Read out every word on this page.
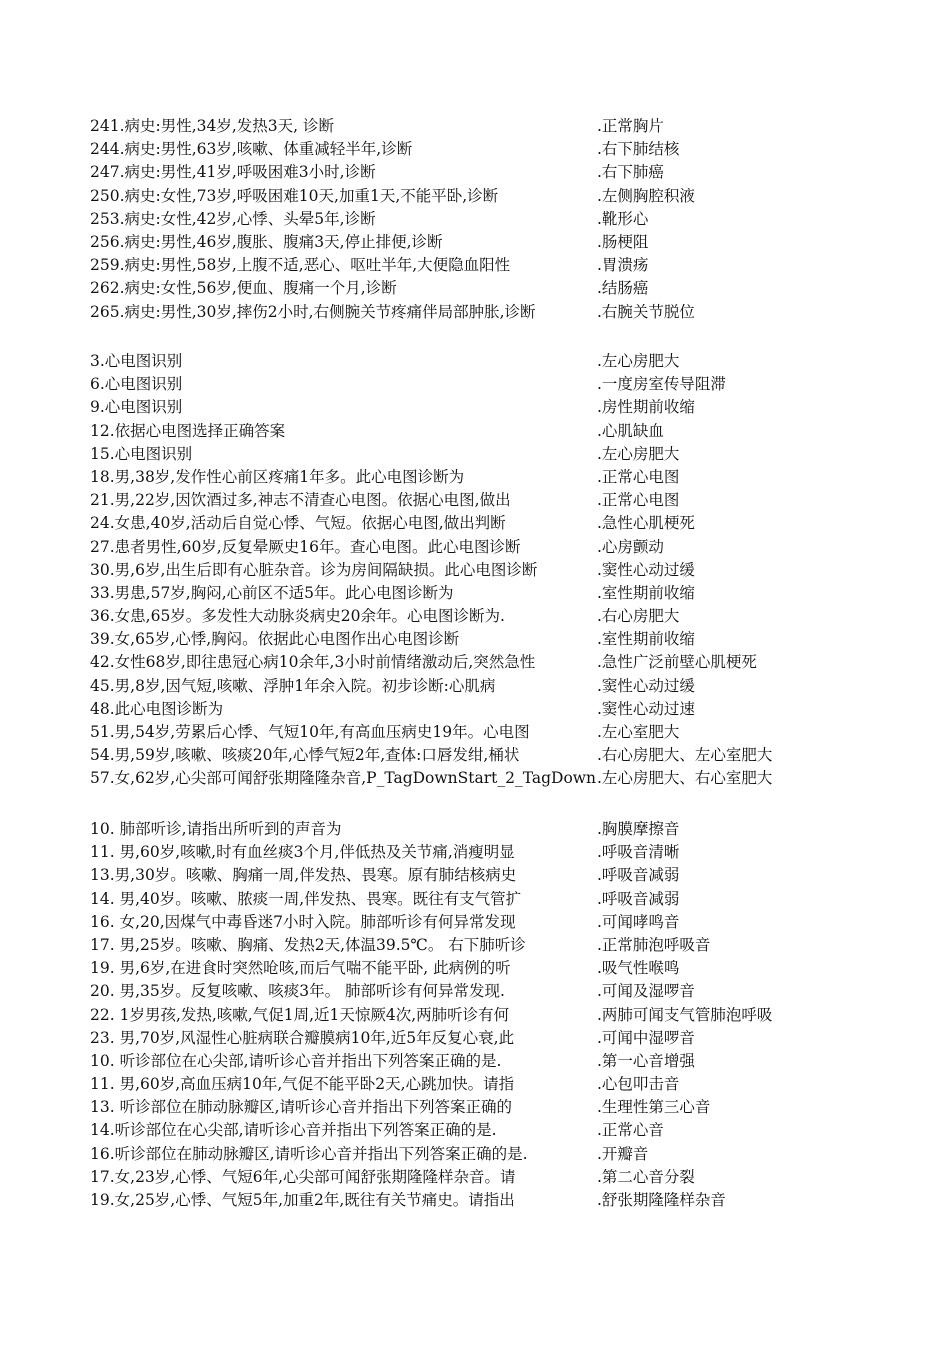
241.病史:男性,34岁,发热3天, 诊断	.正常胸片
244.病史:男性,63岁,咳嗽、体重减轻半年,诊断	.右下肺结核
247.病史:男性,41岁,呼吸困难3小时,诊断	.右下肺癌
250.病史:女性,73岁,呼吸困难10天,加重1天,不能平卧,诊断	.左侧胸腔积液
253.病史:女性,42岁,心悸、头晕5年,诊断	.靴形心
256.病史:男性,46岁,腹胀、腹痛3天,停止排便,诊断	.肠梗阻
259.病史:男性,58岁,上腹不适,恶心、呕吐半年,大便隐血阳性	.胃溃疡
262.病史:女性,56岁,便血、腹痛一个月,诊断	.结肠癌
265.病史:男性,30岁,摔伤2小时,右侧腕关节疼痛伴局部肿胀,诊断	.右腕关节脱位
3.心电图识别	.左心房肥大
6.心电图识别	.一度房室传导阻滞
9.心电图识别	.房性期前收缩
12.依据心电图选择正确答案	.心肌缺血
15.心电图识别	.左心房肥大
18.男,38岁,发作性心前区疼痛1年多。此心电图诊断为	.正常心电图
21.男,22岁,因饮酒过多,神志不清查心电图。依据心电图,做出	.正常心电图
24.女患,40岁,活动后自觉心悸、气短。依据心电图,做出判断	.急性心肌梗死
27.患者男性,60岁,反复晕厥史16年。查心电图。此心电图诊断	.心房颤动
30.男,6岁,出生后即有心脏杂音。诊为房间隔缺损。此心电图诊断	.窦性心动过缓
33.男患,57岁,胸闷,心前区不适5年。此心电图诊断为	.室性期前收缩
36.女患,65岁。多发性大动脉炎病史20余年。心电图诊断为.	.右心房肥大
39.女,65岁,心悸,胸闷。依据此心电图作出心电图诊断	.室性期前收缩
42.女性68岁,即往患冠心病10余年,3小时前情绪激动后,突然急性	.急性广泛前壁心肌梗死
45.男,8岁,因气短,咳嗽、浮肿1年余入院。初步诊断:心肌病	.窦性心动过缓
48.此心电图诊断为	.窦性心动过速
51.男,54岁,劳累后心悸、气短10年,有高血压病史19年。心电图	.左心室肥大
54.男,59岁,咳嗽、咳痰20年,心悸气短2年,查体:口唇发绀,桶状	.右心房肥大、左心室肥大
57.女,62岁,心尖部可闻舒张期隆隆杂音,P_TagDownStart_2_TagDown .左心房肥大、右心室肥大
10. 肺部听诊,请指出所听到的声音为	.胸膜摩擦音
11. 男,60岁,咳嗽,时有血丝痰3个月,伴低热及关节痛,消瘦明显	.呼吸音清晰
13.男,30岁。咳嗽、胸痛一周,伴发热、畏寒。原有肺结核病史	.呼吸音减弱
14. 男,40岁。咳嗽、脓痰一周,伴发热、畏寒。既往有支气管扩	.呼吸音减弱
16. 女,20,因煤气中毒昏迷7小时入院。肺部听诊有何异常发现	.可闻哮鸣音
17. 男,25岁。咳嗽、胸痛、发热2天,体温39.5℃。 右下肺听诊	.正常肺泡呼吸音
19. 男,6岁,在进食时突然呛咳,而后气喘不能平卧, 此病例的听	.吸气性喉鸣
20. 男,35岁。反复咳嗽、咳痰3年。 肺部听诊有何异常发现.	.可闻及湿啰音
22. 1岁男孩,发热,咳嗽,气促1周,近1天惊厥4次,两肺听诊有何	.两肺可闻支气管肺泡呼吸
23. 男,70岁,风湿性心脏病联合瓣膜病10年,近5年反复心衰,此	.可闻中湿啰音
10. 听诊部位在心尖部,请听诊心音并指出下列答案正确的是.	.第一心音增强
11. 男,60岁,高血压病10年,气促不能平卧2天,心跳加快。请指	.心包叩击音
13. 听诊部位在肺动脉瓣区,请听诊心音并指出下列答案正确的	.生理性第三心音
14.听诊部位在心尖部,请听诊心音并指出下列答案正确的是.	.正常心音
16.听诊部位在肺动脉瓣区,请听诊心音并指出下列答案正确的是.	.开瓣音
17.女,23岁,心悸、气短6年,心尖部可闻舒张期隆隆样杂音。请	.第二心音分裂
19.女,25岁,心悸、气短5年,加重2年,既往有关节痛史。请指出	.舒张期隆隆样杂音
